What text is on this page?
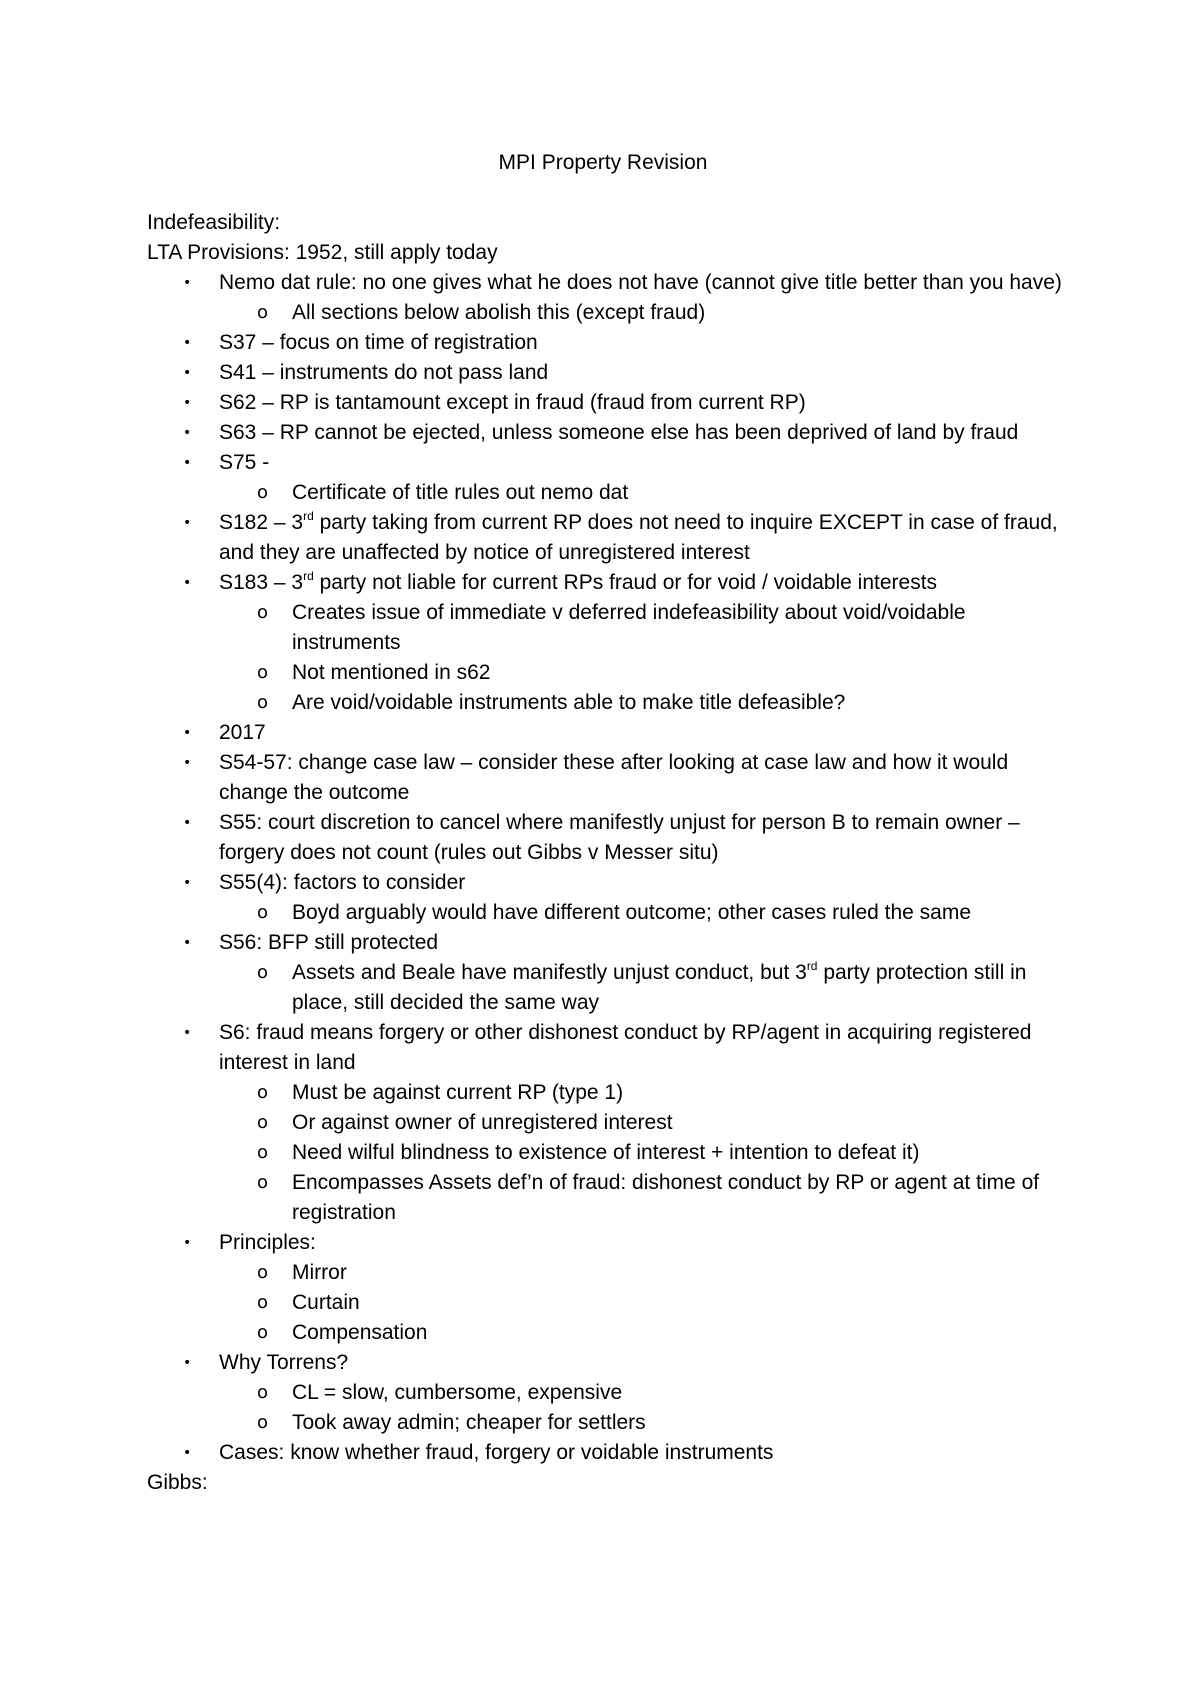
MPI Property Revision

Indefeasibility:

LTA Provisions: 1952, still apply today

• Nemo dat rule: no one gives what he does not have (cannot give title better than you have)
o All sections below abolish this (except fraud)
• S37 – focus on time of registration
• S41 – instruments do not pass land
• S62 – RP is tantamount except in fraud (fraud from current RP)
• S63 – RP cannot be ejected, unless someone else has been deprived of land by fraud
• S75 -
o Certificate of title rules out nemo dat
• S182 – 3rd party taking from current RP does not need to inquire EXCEPT in case of fraud, and they are unaffected by notice of unregistered interest
• S183 – 3rd party not liable for current RPs fraud or for void / voidable interests
o Creates issue of immediate v deferred indefeasibility about void/voidable instruments
o Not mentioned in s62
o Are void/voidable instruments able to make title defeasible?
• 2017
• S54-57: change case law – consider these after looking at case law and how it would change the outcome
• S55: court discretion to cancel where manifestly unjust for person B to remain owner – forgery does not count (rules out Gibbs v Messer situ)
• S55(4): factors to consider
o Boyd arguably would have different outcome; other cases ruled the same
• S56: BFP still protected
o Assets and Beale have manifestly unjust conduct, but 3rd party protection still in place, still decided the same way
• S6: fraud means forgery or other dishonest conduct by RP/agent in acquiring registered interest in land
o Must be against current RP (type 1)
o Or against owner of unregistered interest
o Need wilful blindness to existence of interest + intention to defeat it)
o Encompasses Assets def’n of fraud: dishonest conduct by RP or agent at time of registration
• Principles:
o Mirror
o Curtain
o Compensation
• Why Torrens?
o CL = slow, cumbersome, expensive
o Took away admin; cheaper for settlers
• Cases: know whether fraud, forgery or voidable instruments

Gibbs:
